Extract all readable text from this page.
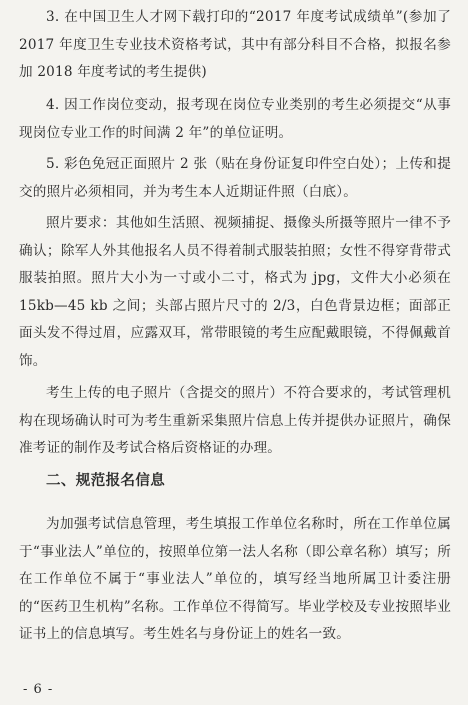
3. 在中国卫生人才网下载打印的“2017 年度考试成绩单”(参加了 2017 年度卫生专业技术资格考试，其中有部分科目不合格，拟报名参加 2018 年度考试的考生提供)

4. 因工作岗位变动，报考现在岗位专业类别的考生必须提交“从事现岗位专业工作的时间满 2 年”的单位证明。

5. 彩色免冠正面照片 2 张（贴在身份证复印件空白处）；上传和提交的照片必须相同，并为考生本人近期证件照（白底）。

照片要求：其他如生活照、视频捕捉、摄像头所摄等照片一律不予确认；除军人外其他报名人员不得着制式服装拍照；女性不得穿背带式服装拍照。照片大小为一寸或小二寸，格式为 jpg，文件大小必须在 15kb—45 kb 之间；头部占照片尺寸的 2/3，白色背景边框；面部正面头发不得过眉，应露双耳，常带眼镜的考生应配戴眼镜，不得佩戴首饰。

考生上传的电子照片（含提交的照片）不符合要求的，考试管理机构在现场确认时可为考生重新采集照片信息上传并提供办证照片，确保准考证的制作及考试合格后资格证的办理。

二、规范报名信息

为加强考试信息管理，考生填报工作单位名称时，所在工作单位属于“事业法人”单位的，按照单位第一法人名称（即公章名称）填写；所在工作单位不属于“事业法人”单位的，填写经当地所属卫计委注册的“医药卫生机构”名称。工作单位不得简写。毕业学校及专业按照毕业证书上的信息填写。考生姓名与身份证上的姓名一致。

- 6 -
